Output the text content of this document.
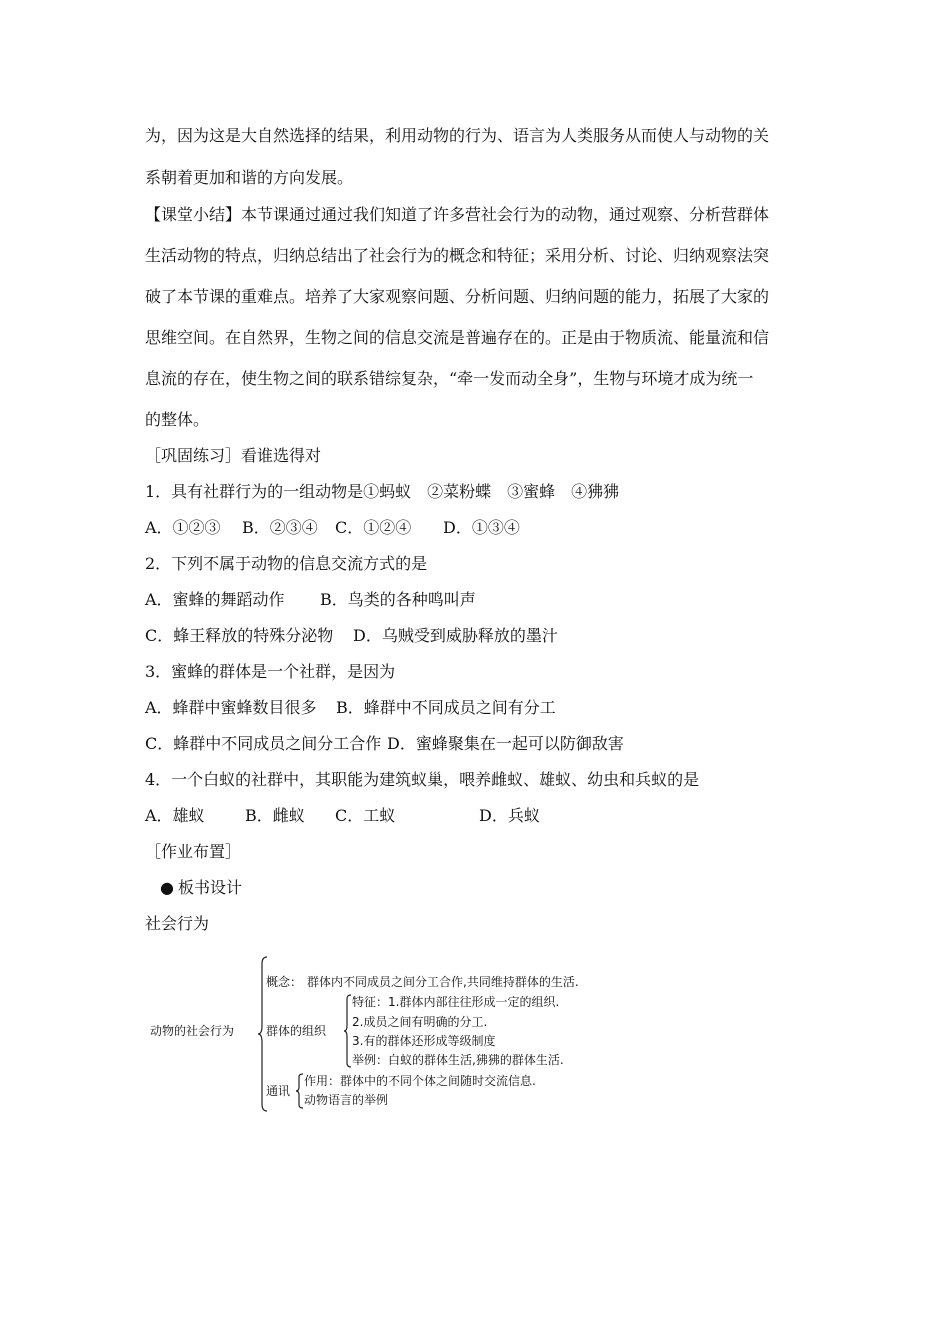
为，因为这是大自然选择的结果，利用动物的行为、语言为人类服务从而使人与动物的关
系朝着更加和谐的方向发展。
【课堂小结】本节课通过通过我们知道了许多营社会行为的动物，通过观察、分析营群体
生活动物的特点，归纳总结出了社会行为的概念和特征；采用分析、讨论、归纳观察法突
破了本节课的重难点。培养了大家观察问题、分析问题、归纳问题的能力，拓展了大家的
思维空间。在自然界，生物之间的信息交流是普遍存在的。正是由于物质流、能量流和信
息流的存在，使生物之间的联系错综复杂，“牵一发而动全身”，生物与环境才成为统一
的整体。
［巩固练习］看谁选得对
1．具有社群行为的一组动物是①蚂蚁　②菜粉蝶　③蜜蜂　④狒狒
A．①②③ B．②③④ C．①②④ D．①③④
2．下列不属于动物的信息交流方式的是
A．蜜蜂的舞蹈动作 B．鸟类的各种鸣叫声
C．蜂王释放的特殊分泌物 D．乌贼受到威胁释放的墨汁
3．蜜蜂的群体是一个社群，是因为
A．蜂群中蜜蜂数目很多 B．蜂群中不同成员之间有分工
C．蜂群中不同成员之间分工合作 D．蜜蜂聚集在一起可以防御敌害
4．一个白蚁的社群中，其职能为建筑蚁巢，喂养雌蚁、雄蚁、幼虫和兵蚁的是
A．雄蚁	B．雌蚁 C．工蚁	D．兵蚁
［作业布置］
● 板书设计
社会行为
动物的社会行为
概念： 群体内不同成员之间分工合作,共同维持群体的生活.
群体的组织
特征：1.群体内部往往形成一定的组织.
2.成员之间有明确的分工.
3.有的群体还形成等级制度
举例：白蚁的群体生活,狒狒的群体生活.
通讯
作用：群体中的不同个体之间随时交流信息.
动物语言的举例
